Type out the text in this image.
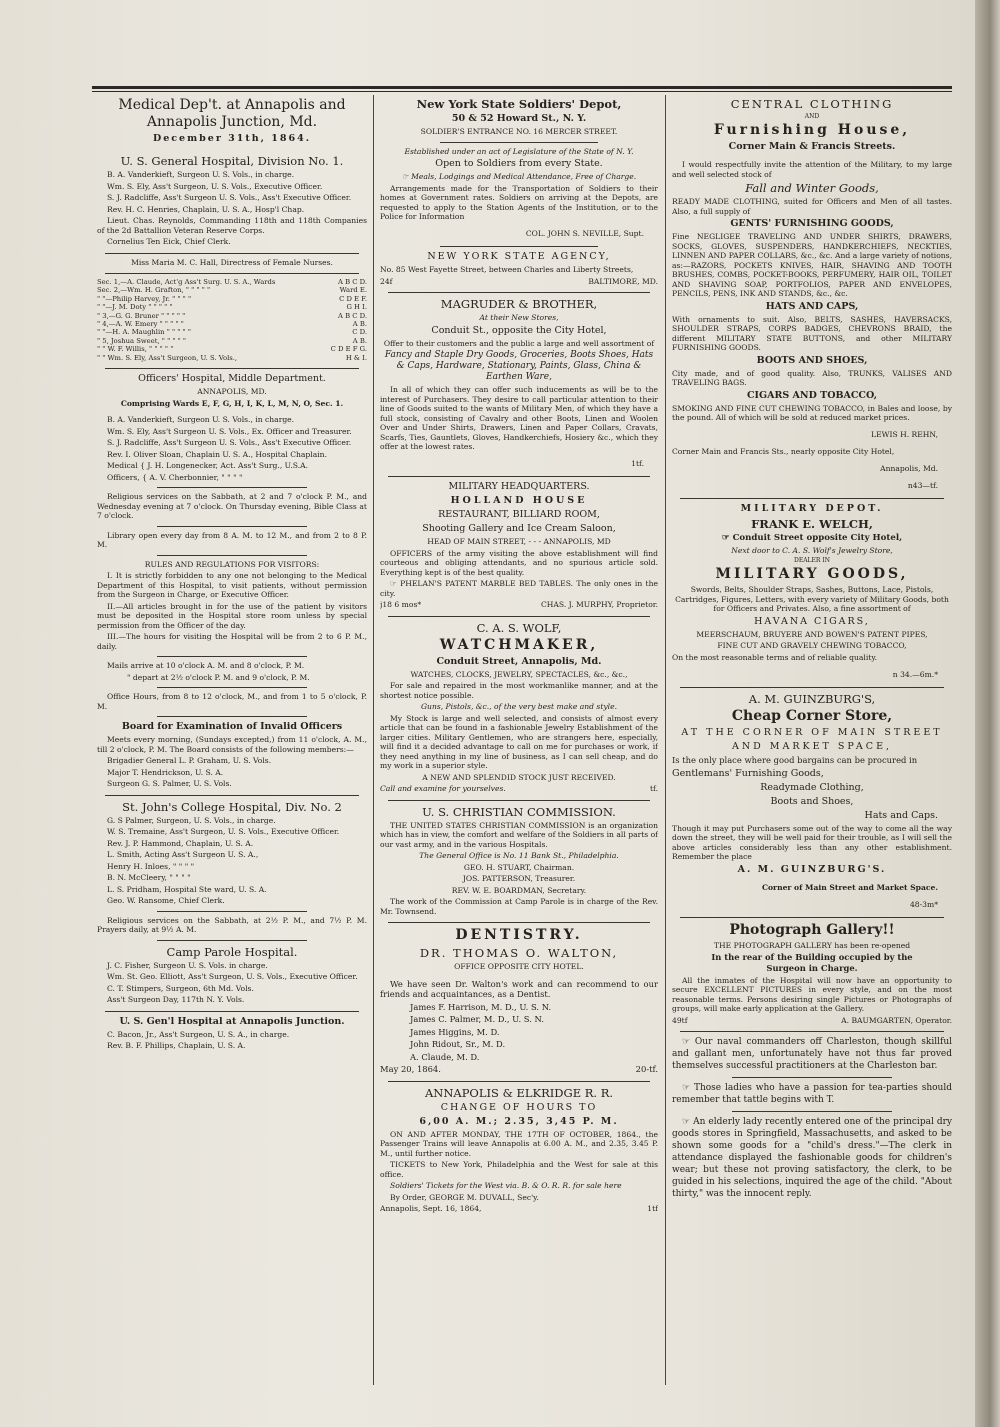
Medical Dep't. at Annapolis and Annapolis Junction, Md.
December 31th, 1864.
U. S. General Hospital, Division No. 1.

B. A. Vanderkieft, Surgeon U. S. Vols., in charge.

Wm. S. Ely, Ass't Surgeon, U. S. Vols., Executive Officer.

S. J. Radcliffe, Ass't Surgeon U. S. Vols., Ass't Executive Officer.

Rev. H. C. Henries, Chaplain, U. S. A., Hosp'l Chap.

Lieut. Chas. Reynolds, Commanding 118th and 118th Companies of the 2d Battallion Veteran Reserve Corps.

Cornelius Ten Eick, Chief Clerk.

Miss Maria M. C. Hall, Directress of Female Nurses.

Sec. 1,—A. Claude, Act'g Ass't Surg. U. S. A., Wards	A B C D.
Sec. 2,—Wm. H. Grafton, " " " " "	Ward E.
" "—Philip Harvey, Jr. " " " "	C D E F.
" "—J. M. Doty " " " " "	G H I.
" 3,—G. G. Bruner " " " " "	A B C D.
" 4,—A. W. Emery " " " " "	A B.
" "—H. A. Maughlin " " " " "	C D.
" 5, Joshua Sweet, " " " " "	A B.
" " W. F. Willis, " " " " "	C D E F G.
" " Wm. S. Ely, Ass't Surgeon, U. S. Vols.,	H & I.
Officers' Hospital, Middle Department.

ANNAPOLIS, MD.

Comprising Wards E, F, G, H, I, K, L, M, N, O, Sec. 1.

B. A. Vanderkieft, Surgeon U. S. Vols., in charge.

Wm. S. Ely, Ass't Surgeon U. S. Vols., Ex. Officer and Treasurer.

S. J. Radcliffe, Ass't Surgeon U. S. Vols., Ass't Executive Officer.

Rev. I. Oliver Sloan, Chaplain U. S. A., Hospital Chaplain.

Medical { J. H. Longenecker, Act. Ass't Surg., U.S.A.

Officers, { A. V. Cherbonnier, " " " "

Religious services on the Sabbath, at 2 and 7 o'clock P. M., and Wednesday evening at 7 o'clock. On Thursday evening, Bible Class at 7 o'clock.

Library open every day from 8 A. M. to 12 M., and from 2 to 8 P. M.

RULES AND REGULATIONS FOR VISITORS:

I. It is strictly forbidden to any one not belonging to the Medical Department of this Hospital, to visit patients, without permission from the Surgeon in Charge, or Executive Officer.

II.—All articles brought in for the use of the patient by visitors must be deposited in the Hospital store room unless by special permission from the Officer of the day.

III.—The hours for visiting the Hospital will be from 2 to 6 P. M., daily.

Mails arrive at 10 o'clock A. M. and 8 o'clock, P. M.

" depart at 2½ o'clock P. M. and 9 o'clock, P. M.

Office Hours, from 8 to 12 o'clock, M., and from 1 to 5 o'clock, P. M.

Board for Examination of Invalid Officers

Meets every morning, (Sundays excepted,) from 11 o'clock, A. M., till 2 o'clock, P. M. The Board consists of the following members:—

Brigadier General L. P. Graham, U. S. Vols.

Major T. Hendrickson, U. S. A.

Surgeon G. S. Palmer, U. S. Vols.

St. John's College Hospital, Div. No. 2

G. S Palmer, Surgeon, U. S. Vols., in charge.

W. S. Tremaine, Ass't Surgeon, U. S. Vols., Executive Officer.

Rev. J. P. Hammond, Chaplain, U. S. A.

L. Smith, Acting Ass't Surgeon U. S. A.,

Henry H. Inloes, " " " "

B. N. McCleery, " " " "

L. S. Pridham, Hospital Ste ward, U. S. A.

Geo. W. Ransome, Chief Clerk.

Religious services on the Sabbath, at 2½ P. M., and 7½ P. M. Prayers daily, at 9½ A. M.

Camp Parole Hospital.

J. C. Fisher, Surgeon U. S. Vols. in charge.

Wm. St. Geo. Elliott, Ass't Surgeon, U. S. Vols., Executive Officer.

C. T. Stimpers, Surgeon, 6th Md. Vols.

Ass't Surgeon Day, 117th N. Y. Vols.

U. S. Gen'l Hospital at Annapolis Junction.

C. Bacon, Jr., Ass't Surgeon, U. S. A., in charge.

Rev. B. F. Phillips, Chaplain, U. S. A.

New York State Soldiers' Depot,
50 & 52 Howard St., N. Y.

SOLDIER'S ENTRANCE NO. 16 MERCER STREET.

Established under an act of Legislature of the State of N. Y.

Open to Soldiers from every State.

☞ Meals, Lodgings and Medical Attendance, Free of Charge.

Arrangements made for the Transportation of Soldiers to their homes at Government rates. Soldiers on arriving at the Depots, are requested to apply to the Station Agents of the Institution, or to the Police for Information

COL. JOHN S. NEVILLE, Supt.

NEW YORK STATE AGENCY,

No. 85 West Fayette Street, between Charles and Liberty Streets,

24f	BALTIMORE, MD.
MAGRUDER & BROTHER,

At their New Stores,

Conduit St., opposite the City Hotel,

Offer to their customers and the public a large and well assortment of

Fancy and Staple Dry Goods, Groceries, Boots Shoes, Hats & Caps, Hardware, Stationary, Paints, Glass, China & Earthen Ware,

In all of which they can offer such inducements as will be to the interest of Purchasers. They desire to call particular attention to their line of Goods suited to the wants of Military Men, of which they have a full stock, consisting of Cavalry and other Boots, Linen and Woolen Over and Under Shirts, Drawers, Linen and Paper Collars, Cravats, Scarfs, Ties, Gauntlets, Gloves, Handkerchiefs, Hosiery &c., which they offer at the lowest rates.

1tf.

MILITARY HEADQUARTERS.
HOLLAND HOUSE
RESTAURANT, BILLIARD ROOM,
Shooting Gallery and Ice Cream Saloon,

HEAD OF MAIN STREET, - - - ANNAPOLIS, MD

OFFICERS of the army visiting the above establishment will find courteous and obliging attendants, and no spurious article sold. Everything kept is of the best quality.

☞ PHELAN'S PATENT MARBLE BED TABLES. The only ones in the city.

j18 6 mos*	CHAS. J. MURPHY, Proprietor.
C. A. S. WOLF,
WATCHMAKER,
Conduit Street, Annapolis, Md.

WATCHES, CLOCKS, JEWELRY, SPECTACLES, &c., &c.,

For sale and repaired in the most workmanlike manner, and at the shortest notice possible.

Guns, Pistols, &c., of the very best make and style.

My Stock is large and well selected, and consists of almost every article that can be found in a fashionable Jewelry Establishment of the larger cities. Military Gentlemen, who are strangers here, especially, will find it a decided advantage to call on me for purchases or work, if they need anything in my line of business, as I can sell cheap, and do my work in a superior style.

A NEW AND SPLENDID STOCK JUST RECEIVED.

Call and examine for yourselves.	tf.
U. S. CHRISTIAN COMMISSION.

THE UNITED STATES CHRISTIAN COMMISSION is an organization which has in view, the comfort and welfare of the Soldiers in all parts of our vast army, and in the various Hospitals.

The General Office is No. 11 Bank St., Philadelphia.

GEO. H. STUART, Chairman.

JOS. PATTERSON, Treasurer.

REV. W. E. BOARDMAN, Secretary.

The work of the Commission at Camp Parole is in charge of the Rev. Mr. Townsend.

DENTISTRY.
DR. THOMAS O. WALTON,

OFFICE OPPOSITE CITY HOTEL.

We have seen Dr. Walton's work and can recommend to our friends and acquaintances, as a Dentist.

James F. Harrison, M. D., U. S. N.

James C. Palmer, M. D., U. S. N.

James Higgins, M. D.

John Ridout, Sr., M. D.

A. Claude, M. D.

May 20, 1864.	20-tf.
ANNAPOLIS & ELKRIDGE R. R.
CHANGE OF HOURS TO
6,00 A. M.; 2.35, 3,45 P. M.

ON AND AFTER MONDAY, THE 17TH OF OCTOBER, 1864., the Passenger Trains will leave Annapolis at 6.00 A. M., and 2.35, 3.45 P. M., until further notice.

TICKETS to New York, Philadelphia and the West for sale at this office.

Soldiers' Tickets for the West via. B. & O. R. R. for sale here

By Order, GEORGE M. DUVALL, Sec'y.

Annapolis, Sept. 16, 1864,	1tf
CENTRAL CLOTHING

AND

Furnishing House,
Corner Main & Francis Streets.

I would respectfully invite the attention of the Military, to my large and well selected stock of

Fall and Winter Goods,

READY MADE CLOTHING, suited for Officers and Men of all tastes. Also, a full supply of

GENTS' FURNISHING GOODS,

Fine NEGLIGEE TRAVELING AND UNDER SHIRTS, DRAWERS, SOCKS, GLOVES, SUSPENDERS, HANDKERCHIEFS, NECKTIES, LINNEN AND PAPER COLLARS, &c., &c. And a large variety of notions, as:—RAZORS, POCKETS KNIVES, HAIR, SHAVING AND TOOTH BRUSHES, COMBS, POCKET-BOOKS, PERFUMERY, HAIR OIL, TOILET AND SHAVING SOAP, PORTFOLIOS, PAPER AND ENVELOPES, PENCILS, PENS, INK AND STANDS, &c., &c.

HATS AND CAPS,

With ornaments to suit. Also, BELTS, SASHES, HAVERSACKS, SHOULDER STRAPS, CORPS BADGES, CHEVRONS BRAID, the different MILITARY STATE BUTTONS, and other MILITARY FURNISHING GOODS.

BOOTS AND SHOES,

City made, and of good quality. Also, TRUNKS, VALISES AND TRAVELING BAGS.

CIGARS AND TOBACCO,

SMOKING AND FINE CUT CHEWING TOBACCO, in Bales and loose, by the pound. All of which will be sold at reduced market prices.

LEWIS H. REHN,

Corner Main and Francis Sts., nearly opposite City Hotel,

Annapolis, Md.

n43—tf.

MILITARY DEPOT.
FRANK E. WELCH,

☞ Conduit Street opposite City Hotel,

Next door to C. A. S. Wolf's Jewelry Store,

DEALER IN

MILITARY GOODS,

Swords, Belts, Shoulder Straps, Sashes, Buttons, Lace, Pistols, Cartridges, Figures, Letters, with every variety of Military Goods, both for Officers and Privates. Also, a fine assortment of

HAVANA CIGARS,

MEERSCHAUM, BRUYERE AND BOWEN'S PATENT PIPES,

FINE CUT AND GRAVELY CHEWING TOBACCO,

On the most reasonable terms and of reliable quality.

n 34.—6m.*

A. M. GUINZBURG'S,
Cheap Corner Store,
AT THE CORNER OF MAIN STREET
AND MARKET SPACE,

Is the only place where good bargains can be procured in

Gentlemans' Furnishing Goods,

Readymade Clothing,

Boots and Shoes,

Hats and Caps.

Though it may put Purchasers some out of the way to come all the way down the street, they will be well paid for their trouble, as I will sell the above articles considerably less than any other establishment. Remember the place

A. M. GUINZBURG'S.

Corner of Main Street and Market Space.

48-3m*

Photograph Gallery!!

THE PHOTOGRAPH GALLERY has been re-opened

In the rear of the Building occupied by the

Surgeon in Charge.

All the inmates of the Hospital will now have an opportunity to secure EXCELLENT PICTURES in every style, and on the most reasonable terms. Persons desiring single Pictures or Photographs of groups, will make early application at the Gallery.

49tf	A. BAUMGARTEN, Operator.

☞ Our naval commanders off Charleston, though skillful and gallant men, unfortunately have not thus far proved themselves successful practitioners at the Charleston bar.

☞ Those ladies who have a passion for tea-parties should remember that tattle begins with T.

☞ An elderly lady recently entered one of the principal dry goods stores in Springfield, Massachusetts, and asked to be shown some goods for a "child's dress."—The clerk in attendance displayed the fashionable goods for children's wear; but these not proving satisfactory, the clerk, to be guided in his selections, inquired the age of the child. "About thirty," was the innocent reply.
